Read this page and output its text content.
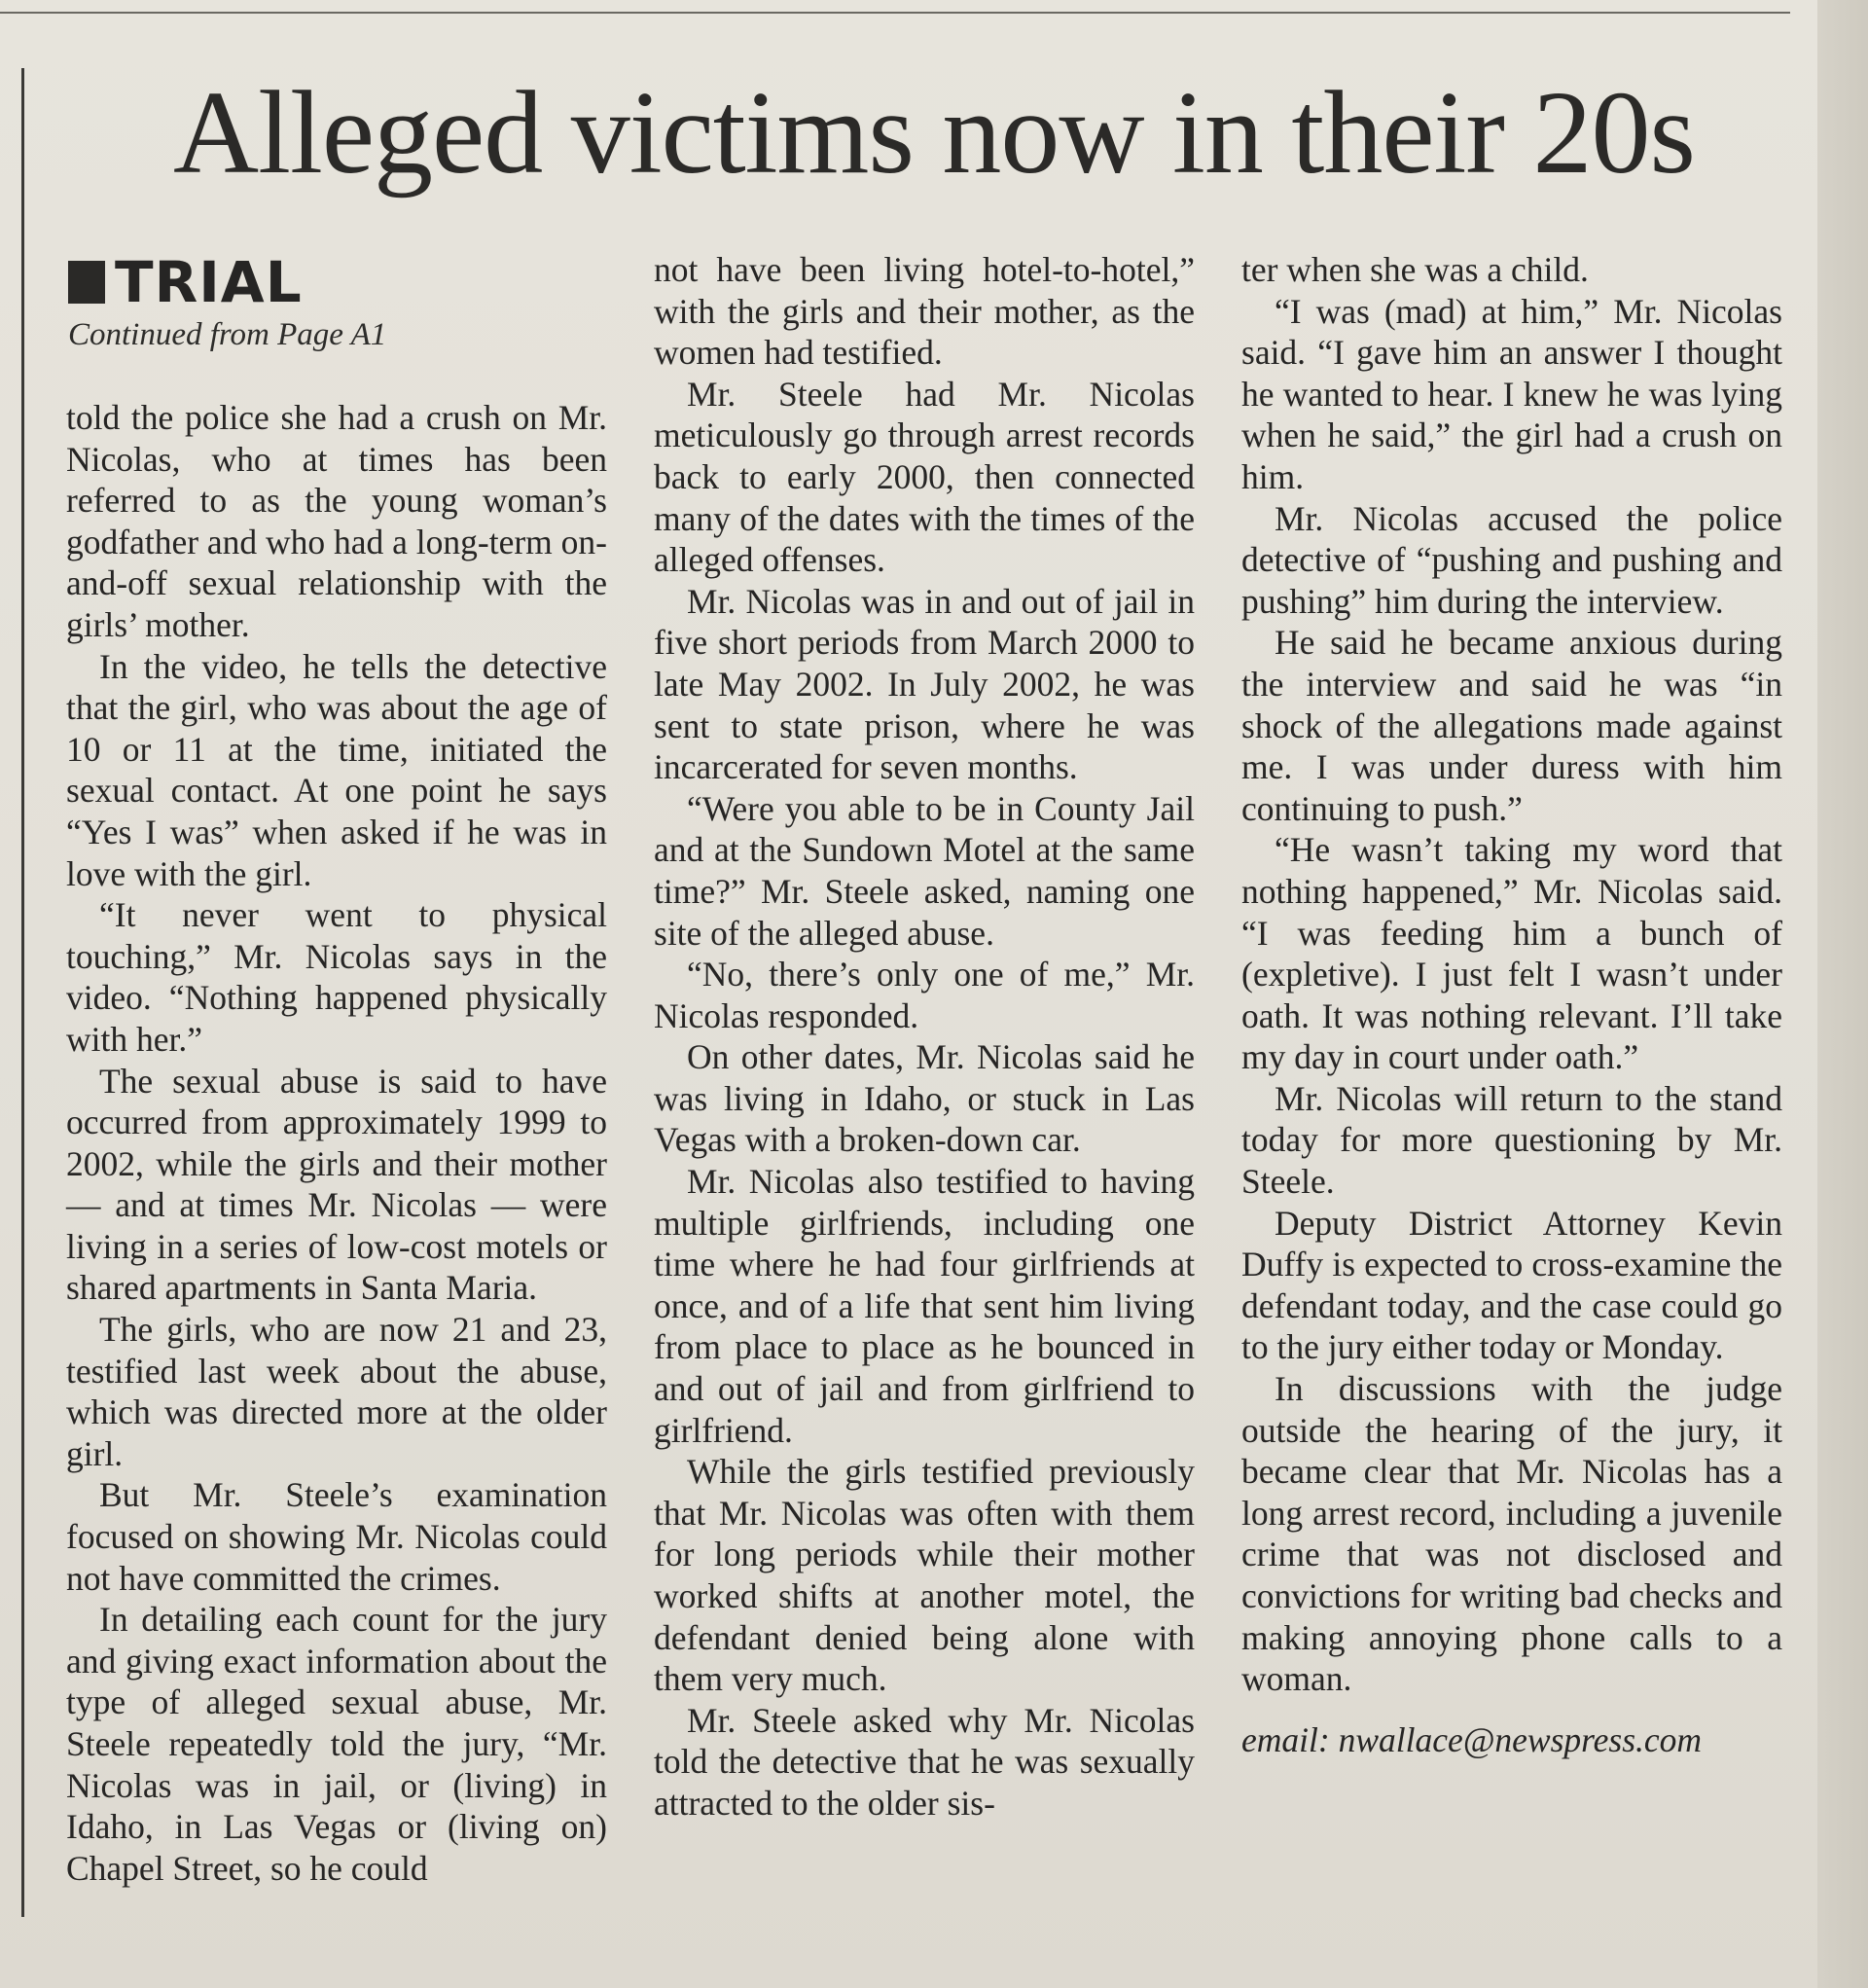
Alleged victims now in their 20s
TRIAL
Continued from Page A1

told the police she had a crush on Mr. Nicolas, who at times has been referred to as the young woman’s godfather and who had a long-term on-and-off sexual relationship with the girls’ mother.

In the video, he tells the detective that the girl, who was about the age of 10 or 11 at the time, initiated the sexual contact. At one point he says “Yes I was” when asked if he was in love with the girl.

“It never went to physical touching,” Mr. Nicolas says in the video. “Nothing happened physically with her.”

The sexual abuse is said to have occurred from approximately 1999 to 2002, while the girls and their mother — and at times Mr. Nicolas — were living in a series of low-cost motels or shared apartments in Santa Maria.

The girls, who are now 21 and 23, testified last week about the abuse, which was directed more at the older girl.

But Mr. Steele’s examination focused on showing Mr. Nicolas could not have committed the crimes.

In detailing each count for the jury and giving exact information about the type of alleged sexual abuse, Mr. Steele repeatedly told the jury, “Mr. Nicolas was in jail, or (living) in Idaho, in Las Vegas or (living on) Chapel Street, so he could

not have been living hotel-to-hotel,” with the girls and their mother, as the women had testified.

Mr. Steele had Mr. Nicolas meticulously go through arrest records back to early 2000, then connected many of the dates with the times of the alleged offenses.

Mr. Nicolas was in and out of jail in five short periods from March 2000 to late May 2002. In July 2002, he was sent to state prison, where he was incarcerated for seven months.

“Were you able to be in County Jail and at the Sundown Motel at the same time?” Mr. Steele asked, naming one site of the alleged abuse.

“No, there’s only one of me,” Mr. Nicolas responded.

On other dates, Mr. Nicolas said he was living in Idaho, or stuck in Las Vegas with a broken-down car.

Mr. Nicolas also testified to having multiple girlfriends, including one time where he had four girlfriends at once, and of a life that sent him living from place to place as he bounced in and out of jail and from girlfriend to girlfriend.

While the girls testified previously that Mr. Nicolas was often with them for long periods while their mother worked shifts at another motel, the defendant denied being alone with them very much.

Mr. Steele asked why Mr. Nicolas told the detective that he was sexually attracted to the older sis-

ter when she was a child.

“I was (mad) at him,” Mr. Nicolas said. “I gave him an answer I thought he wanted to hear. I knew he was lying when he said,” the girl had a crush on him.

Mr. Nicolas accused the police detective of “pushing and pushing and pushing” him during the interview.

He said he became anxious during the interview and said he was “in shock of the allegations made against me. I was under duress with him continuing to push.”

“He wasn’t taking my word that nothing happened,” Mr. Nicolas said. “I was feeding him a bunch of (expletive). I just felt I wasn’t under oath. It was nothing relevant. I’ll take my day in court under oath.”

Mr. Nicolas will return to the stand today for more questioning by Mr. Steele.

Deputy District Attorney Kevin Duffy is expected to cross-examine the defendant today, and the case could go to the jury either today or Monday.

In discussions with the judge outside the hearing of the jury, it became clear that Mr. Nicolas has a long arrest record, including a juvenile crime that was not disclosed and convictions for writing bad checks and making annoying phone calls to a woman.

email: nwallace@newspress.com
